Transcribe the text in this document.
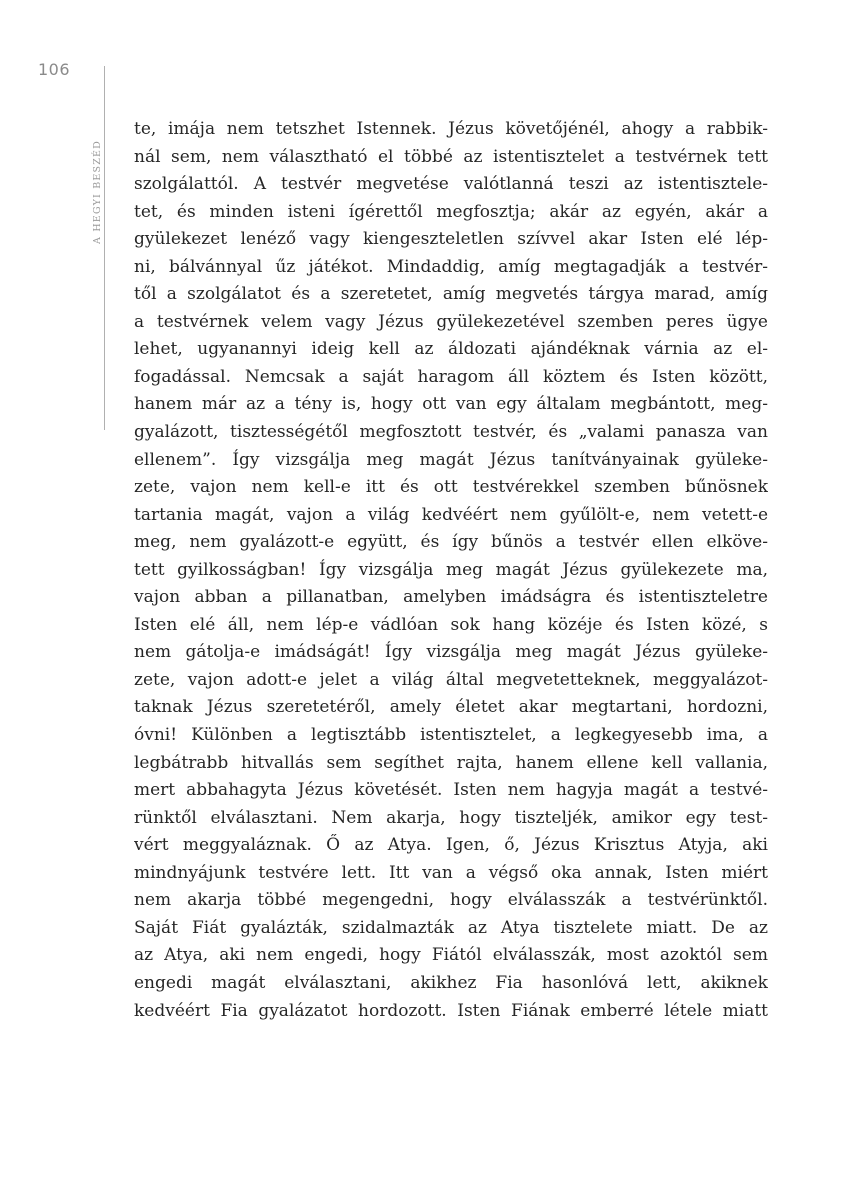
106
A HEGYI BESZÉD
te, imája nem tetszhet Istennek. Jézus követőjénél, ahogy a rabbik-
nál sem, nem választható el többé az istentisztelet a testvérnek tett
szolgálattól. A testvér megvetése valótlanná teszi az istentisztele-
tet, és minden isteni ígérettől megfosztja; akár az egyén, akár a
gyülekezet lenéző vagy kiengeszteletlen szívvel akar Isten elé lép-
ni, bálvánnyal űz játékot. Mindaddig, amíg megtagadják a testvér-
től a szolgálatot és a szeretetet, amíg megvetés tárgya marad, amíg
a testvérnek velem vagy Jézus gyülekezetével szemben peres ügye
lehet, ugyanannyi ideig kell az áldozati ajándéknak várnia az el-
fogadással. Nemcsak a saját haragom áll köztem és Isten között,
hanem már az a tény is, hogy ott van egy általam megbántott, meg-
gyalázott, tisztességétől megfosztott testvér, és „valami panasza van
ellenem”. Így vizsgálja meg magát Jézus tanítványainak gyüleke-
zete, vajon nem kell-e itt és ott testvérekkel szemben bűnösnek
tartania magát, vajon a világ kedvéért nem gyűlölt-e, nem vetett-e
meg, nem gyalázott-e együtt, és így bűnös a testvér ellen elköve-
tett gyilkosságban! Így vizsgálja meg magát Jézus gyülekezete ma,
vajon abban a pillanatban, amelyben imádságra és istentiszteletre
Isten elé áll, nem lép-e vádlóan sok hang közéje és Isten közé, s
nem gátolja-e imádságát! Így vizsgálja meg magát Jézus gyüleke-
zete, vajon adott-e jelet a világ által megvetetteknek, meggyalázot-
taknak Jézus szeretetéről, amely életet akar megtartani, hordozni,
óvni! Különben a legtisztább istentisztelet, a legkegyesebb ima, a
legbátrabb hitvallás sem segíthet rajta, hanem ellene kell vallania,
mert abbahagyta Jézus követését. Isten nem hagyja magát a testvé-
rünktől elválasztani. Nem akarja, hogy tiszteljék, amikor egy test-
vért meggyaláznak. Ő az Atya. Igen, ő, Jézus Krisztus Atyja, aki
mindnyájunk testvére lett. Itt van a végső oka annak, Isten miért
nem akarja többé megengedni, hogy elválasszák a testvérünktől.
Saját Fiát gyalázták, szidalmazták az Atya tisztelete miatt. De az
az Atya, aki nem engedi, hogy Fiától elválasszák, most azoktól sem
engedi magát elválasztani, akikhez Fia hasonlóvá lett, akiknek
kedvéért Fia gyalázatot hordozott. Isten Fiának emberré létele miatt
